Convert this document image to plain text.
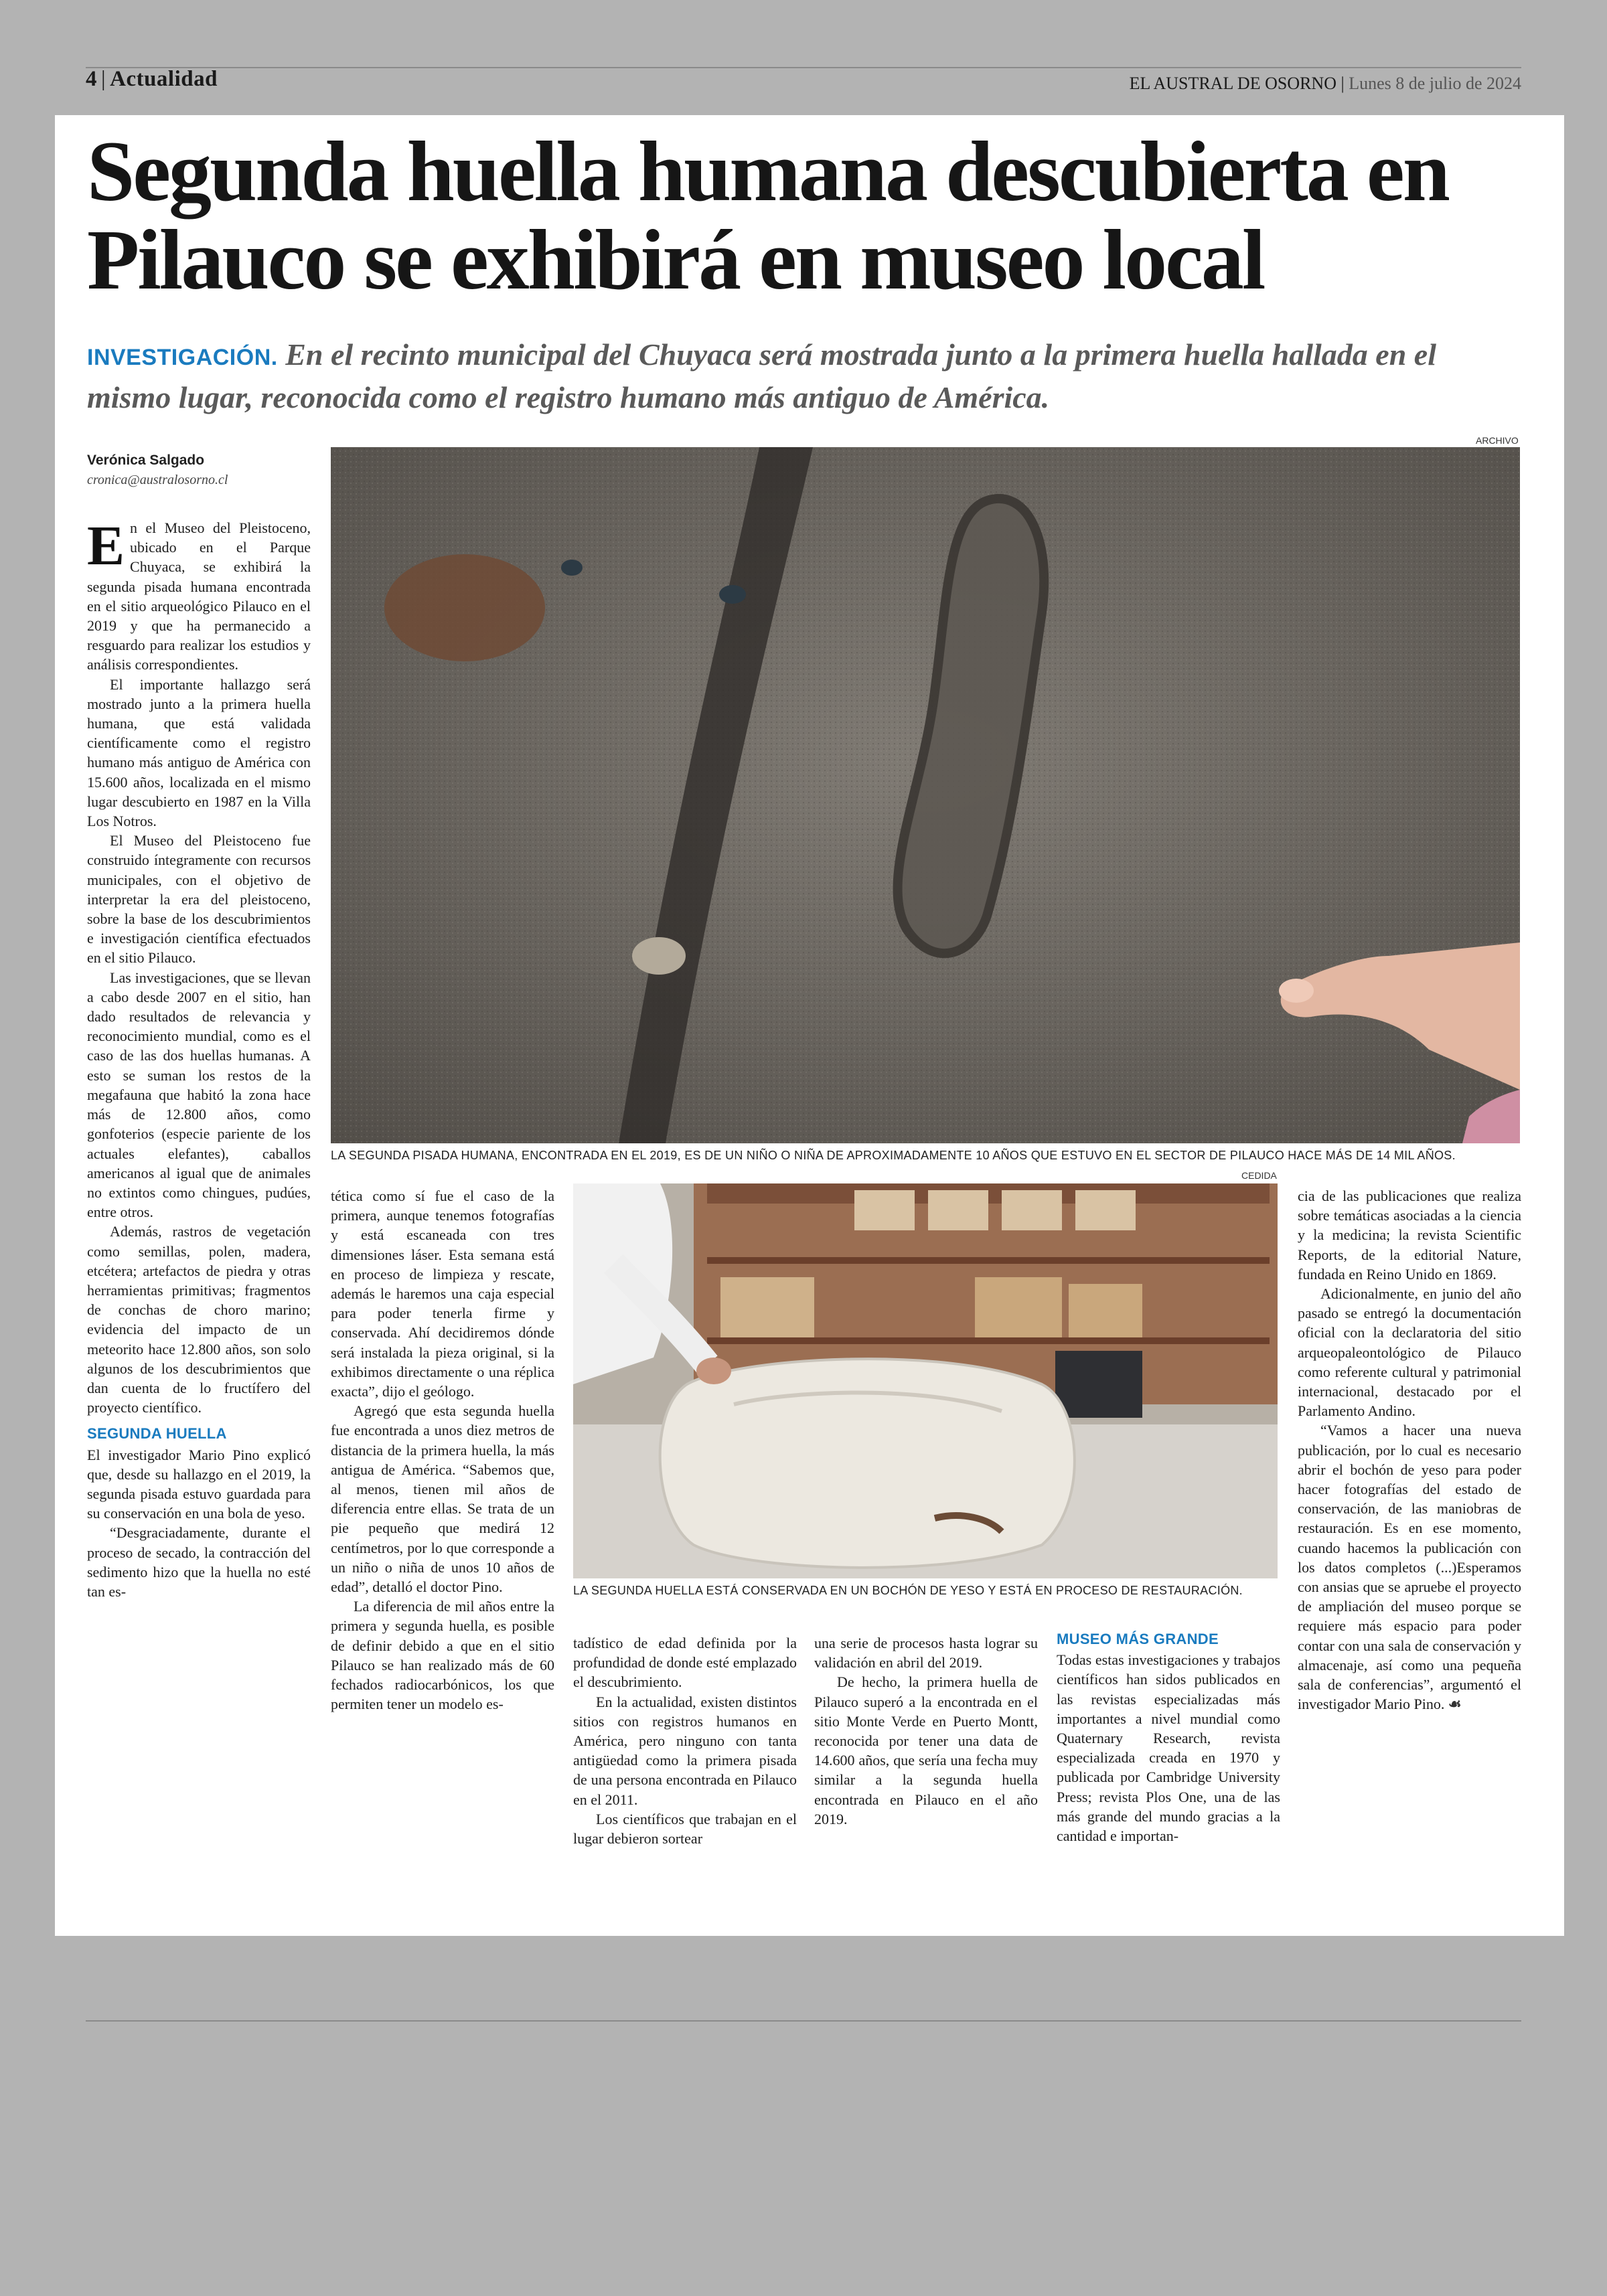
4 | Actualidad	EL AUSTRAL DE OSORNO | Lunes 8 de julio de 2024
Segunda huella humana descubierta en Pilauco se exhibirá en museo local

INVESTIGACIÓN. En el recinto municipal del Chuyaca será mostrada junto a la primera huella hallada en el mismo lugar, reconocida como el registro humano más antiguo de América.

Verónica Salgado
cronica@australosorno.cl
ARCHIVO
LA SEGUNDA PISADA HUMANA, ENCONTRADA EN EL 2019, ES DE UN NIÑO O NIÑA DE APROXIMADAMENTE 10 AÑOS QUE ESTUVO EN EL SECTOR DE PILAUCO HACE MÁS DE 14 MIL AÑOS.
CEDIDA
LA SEGUNDA HUELLA ESTÁ CONSERVADA EN UN BOCHÓN DE YESO Y ESTÁ EN PROCESO DE RESTAURACIÓN.

En el Museo del Pleistoceno, ubicado en el Parque Chuyaca, se exhibirá la segunda pisada humana encontrada en el sitio arqueológico Pilauco en el 2019 y que ha permanecido a resguardo para realizar los estudios y análisis correspondientes.

El importante hallazgo será mostrado junto a la primera huella humana, que está validada científicamente como el registro humano más antiguo de América con 15.600 años, localizada en el mismo lugar descubierto en 1987 en la Villa Los Notros.

El Museo del Pleistoceno fue construido íntegramente con recursos municipales, con el objetivo de interpretar la era del pleistoceno, sobre la base de los descubrimientos e investigación científica efectuados en el sitio Pilauco.

Las investigaciones, que se llevan a cabo desde 2007 en el sitio, han dado resultados de relevancia y reconocimiento mundial, como es el caso de las dos huellas humanas. A esto se suman los restos de la megafauna que habitó la zona hace más de 12.800 años, como gonfoterios (especie pariente de los actuales elefantes), caballos americanos al igual que de animales no extintos como chingues, pudúes, entre otros.

Además, rastros de vegetación como semillas, polen, madera, etcétera; artefactos de piedra y otras herramientas primitivas; fragmentos de conchas de choro marino; evidencia del impacto de un meteorito hace 12.800 años, son solo algunos de los descubrimientos que dan cuenta de lo fructífero del proyecto científico.

SEGUNDA HUELLA

El investigador Mario Pino explicó que, desde su hallazgo en el 2019, la segunda pisada estuvo guardada para su conservación en una bola de yeso.

“Desgraciadamente, durante el proceso de secado, la contracción del sedimento hizo que la huella no esté tan es-

tética como sí fue el caso de la primera, aunque tenemos fotografías y está escaneada con tres dimensiones láser. Esta semana está en proceso de limpieza y rescate, además le haremos una caja especial para poder tenerla firme y conservada. Ahí decidiremos dónde será instalada la pieza original, si la exhibimos directamente o una réplica exacta”, dijo el geólogo.

Agregó que esta segunda huella fue encontrada a unos diez metros de distancia de la primera huella, la más antigua de América. “Sabemos que, al menos, tienen mil años de diferencia entre ellas. Se trata de un pie pequeño que medirá 12 centímetros, por lo que corresponde a un niño o niña de unos 10 años de edad”, detalló el doctor Pino.

La diferencia de mil años entre la primera y segunda huella, es posible de definir debido a que en el sitio Pilauco se han realizado más de 60 fechados radiocarbónicos, los que permiten tener un modelo es-

tadístico de edad definida por la profundidad de donde esté emplazado el descubrimiento.

En la actualidad, existen distintos sitios con registros humanos en América, pero ninguno con tanta antigüedad como la primera pisada de una persona encontrada en Pilauco en el 2011.

Los científicos que trabajan en el lugar debieron sortear

una serie de procesos hasta lograr su validación en abril del 2019.

De hecho, la primera huella de Pilauco superó a la encontrada en el sitio Monte Verde en Puerto Montt, reconocida por tener una data de 14.600 años, que sería una fecha muy similar a la segunda huella encontrada en Pilauco en el año 2019.

MUSEO MÁS GRANDE

Todas estas investigaciones y trabajos científicos han sidos publicados en las revistas especializadas más importantes a nivel mundial como Quaternary Research, revista especializada creada en 1970 y publicada por Cambridge University Press; revista Plos One, una de las más grande del mundo gracias a la cantidad e importan-

cia de las publicaciones que realiza sobre temáticas asociadas a la ciencia y la medicina; la revista Scientific Reports, de la editorial Nature, fundada en Reino Unido en 1869.

Adicionalmente, en junio del año pasado se entregó la documentación oficial con la declaratoria del sitio arqueopaleontológico de Pilauco como referente cultural y patrimonial internacional, destacado por el Parlamento Andino.

“Vamos a hacer una nueva publicación, por lo cual es necesario abrir el bochón de yeso para poder hacer fotografías del estado de conservación, de las maniobras de restauración. Es en ese momento, cuando hacemos la publicación con los datos completos (...)Esperamos con ansias que se apruebe el proyecto de ampliación del museo porque se requiere más espacio para poder contar con una sala de conservación y almacenaje, así como una pequeña sala de conferencias”, argumentó el investigador Mario Pino. ☙
